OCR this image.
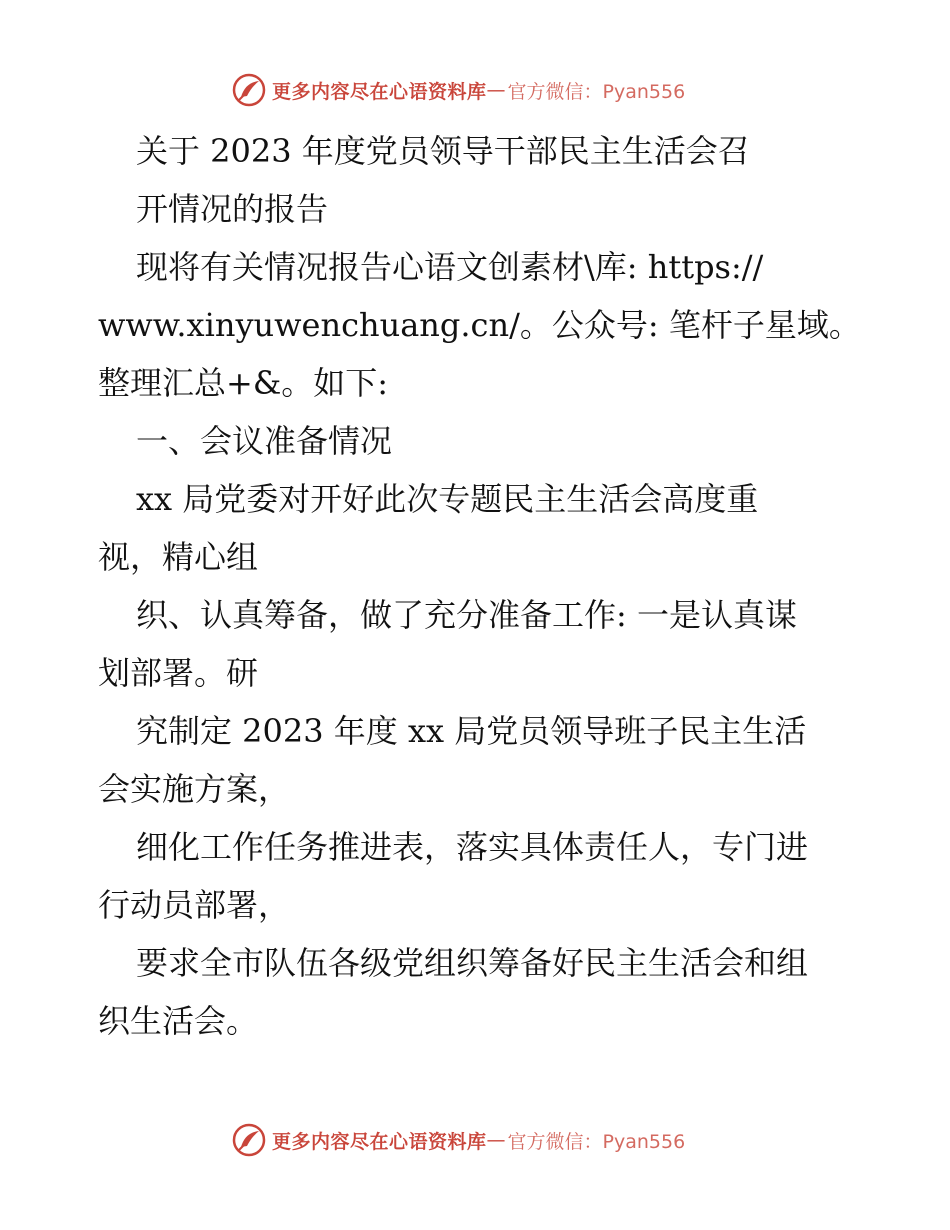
更多内容尽在心语资料库 — 官方微信：Pyan556
关于 2023 年度党员领导干部民主生活会召
开情况的报告
现将有关情况报告心语文创素材\库: https://
www.xinyuwenchuang.cn/。公众号: 笔杆子星域。
整理汇总+&。如下:
一、会议准备情况
xx 局党委对开好此次专题民主生活会高度重
视，精心组
织、认真筹备，做了充分准备工作: 一是认真谋
划部署。研
究制定 2023 年度 xx 局党员领导班子民主生活
会实施方案，
细化工作任务推进表，落实具体责任人，专门进
行动员部署，
要求全市队伍各级党组织筹备好民主生活会和组
织生活会。
更多内容尽在心语资料库 — 官方微信：Pyan556
